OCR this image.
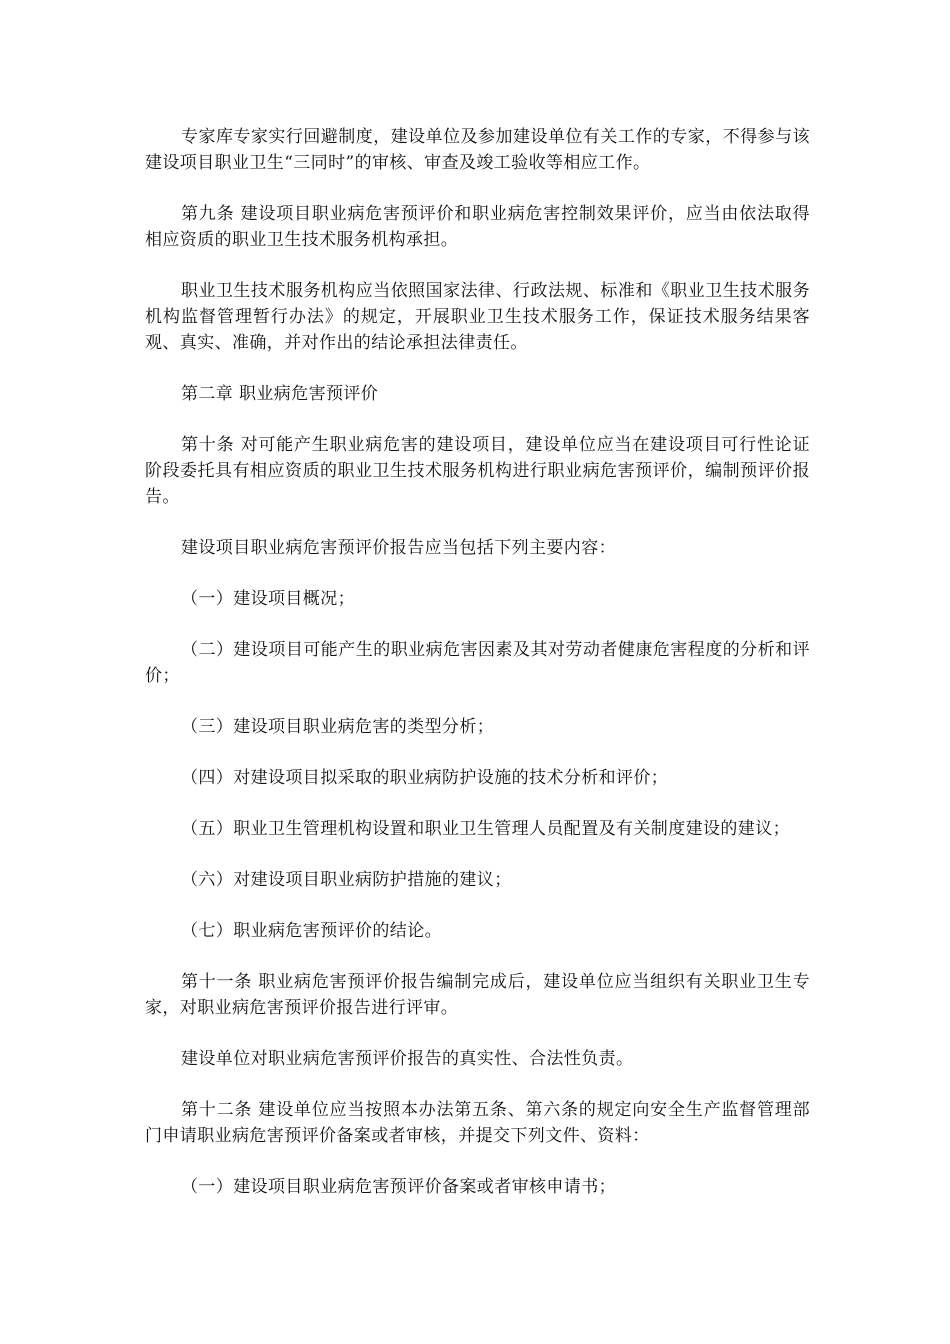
专家库专家实行回避制度，建设单位及参加建设单位有关工作的专家，不得参与该建设项目职业卫生“三同时”的审核、审查及竣工验收等相应工作。

第九条 建设项目职业病危害预评价和职业病危害控制效果评价，应当由依法取得相应资质的职业卫生技术服务机构承担。

职业卫生技术服务机构应当依照国家法律、行政法规、标准和《职业卫生技术服务机构监督管理暂行办法》的规定，开展职业卫生技术服务工作，保证技术服务结果客观、真实、准确，并对作出的结论承担法律责任。

第二章 职业病危害预评价

第十条 对可能产生职业病危害的建设项目，建设单位应当在建设项目可行性论证阶段委托具有相应资质的职业卫生技术服务机构进行职业病危害预评价，编制预评价报告。

建设项目职业病危害预评价报告应当包括下列主要内容：

（一）建设项目概况；

（二）建设项目可能产生的职业病危害因素及其对劳动者健康危害程度的分析和评价；

（三）建设项目职业病危害的类型分析；

（四）对建设项目拟采取的职业病防护设施的技术分析和评价；

（五）职业卫生管理机构设置和职业卫生管理人员配置及有关制度建设的建议；

（六）对建设项目职业病防护措施的建议；

（七）职业病危害预评价的结论。

第十一条 职业病危害预评价报告编制完成后，建设单位应当组织有关职业卫生专家，对职业病危害预评价报告进行评审。

建设单位对职业病危害预评价报告的真实性、合法性负责。

第十二条 建设单位应当按照本办法第五条、第六条的规定向安全生产监督管理部门申请职业病危害预评价备案或者审核，并提交下列文件、资料：

（一）建设项目职业病危害预评价备案或者审核申请书；
